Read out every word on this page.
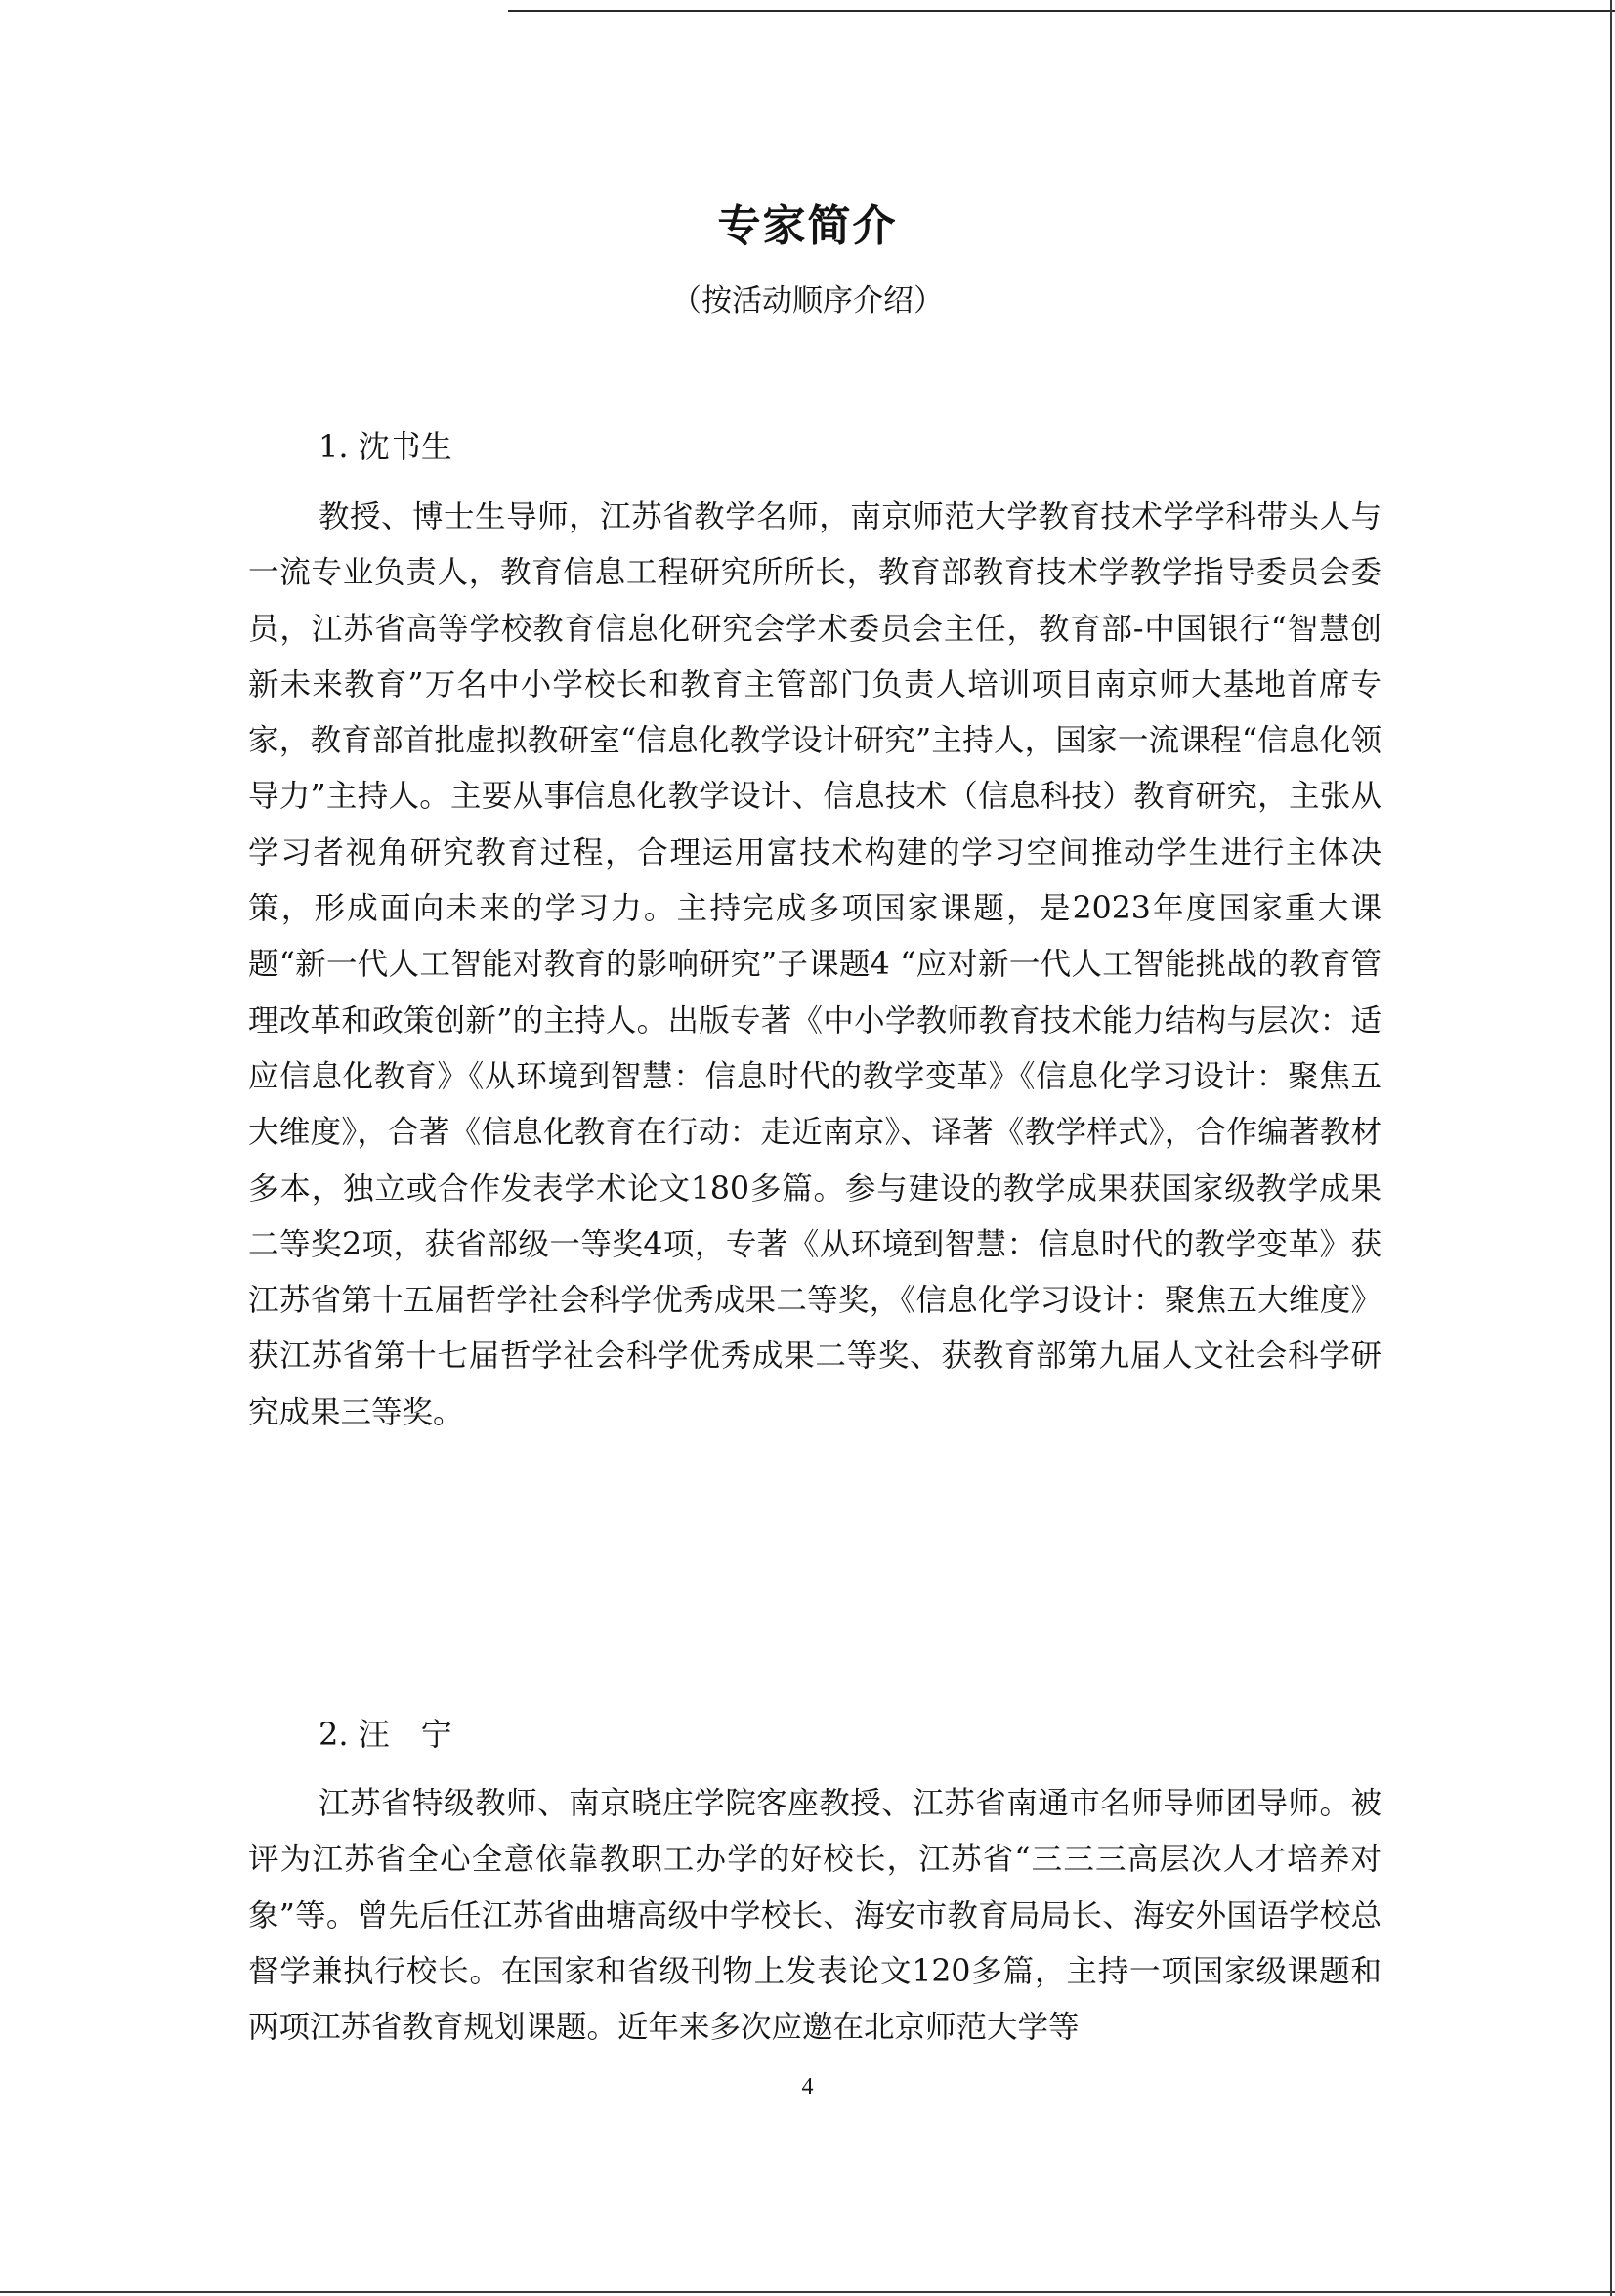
专家简介
（按活动顺序介绍）
1. 沈书生

教授、博士生导师，江苏省教学名师，南京师范大学教育技术学学科带头人与一流专业负责人，教育信息工程研究所所长，教育部教育技术学教学指导委员会委员，江苏省高等学校教育信息化研究会学术委员会主任，教育部-中国银行“智慧创新未来教育”万名中小学校长和教育主管部门负责人培训项目南京师大基地首席专家，教育部首批虚拟教研室“信息化教学设计研究”主持人，国家一流课程“信息化领导力”主持人。主要从事信息化教学设计、信息技术（信息科技）教育研究，主张从学习者视角研究教育过程，合理运用富技术构建的学习空间推动学生进行主体决策，形成面向未来的学习力。主持完成多项国家课题，是2023年度国家重大课题“新一代人工智能对教育的影响研究”子课题4 “应对新一代人工智能挑战的教育管理改革和政策创新”的主持人。出版专著《中小学教师教育技术能力结构与层次：适应信息化教育》《从环境到智慧：信息时代的教学变革》《信息化学习设计：聚焦五大维度》，合著《信息化教育在行动：走近南京》、译著《教学样式》，合作编著教材多本，独立或合作发表学术论文180多篇。参与建设的教学成果获国家级教学成果二等奖2项，获省部级一等奖4项，专著《从环境到智慧：信息时代的教学变革》获江苏省第十五届哲学社会科学优秀成果二等奖，《信息化学习设计：聚焦五大维度》获江苏省第十七届哲学社会科学优秀成果二等奖、获教育部第九届人文社会科学研究成果三等奖。

2. 汪　宁

江苏省特级教师、南京晓庄学院客座教授、江苏省南通市名师导师团导师。被评为江苏省全心全意依靠教职工办学的好校长，江苏省“三三三高层次人才培养对象”等。曾先后任江苏省曲塘高级中学校长、海安市教育局局长、海安外国语学校总督学兼执行校长。在国家和省级刊物上发表论文120多篇，主持一项国家级课题和两项江苏省教育规划课题。近年来多次应邀在北京师范大学等

4
